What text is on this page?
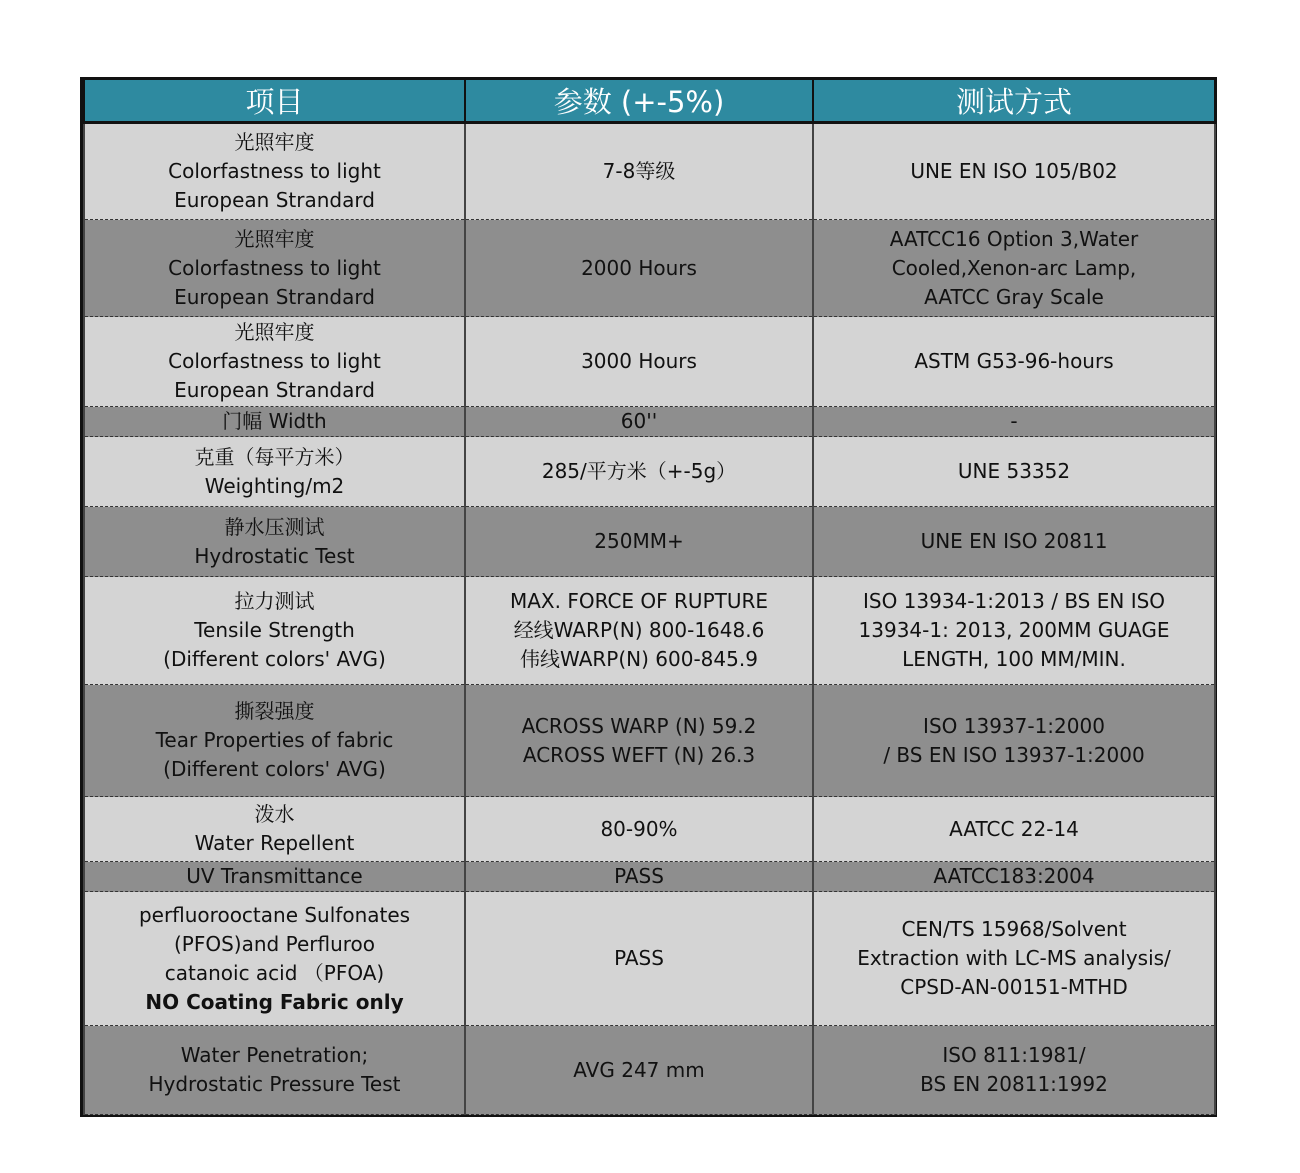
项目	参数 (+-5%)	测试方式

光照牢度
Colorfastness to light
European Strandard	7-8等级	UNE EN ISO 105/B02

光照牢度
Colorfastness to light
European Strandard	2000 Hours	AATCC16 Option 3,Water
Cooled,Xenon-arc Lamp,
AATCC Gray Scale

光照牢度
Colorfastness to light
European Strandard	3000 Hours	ASTM G53-96-hours

门幅 Width	60''	-

克重（每平方米）
Weighting/m2	285/平方米（+-5g）	UNE 53352

静水压测试
Hydrostatic Test	250MM+	UNE EN ISO 20811

拉力测试
Tensile Strength
(Different colors' AVG)	MAX. FORCE OF RUPTURE
经线WARP(N) 800-1648.6
伟线WARP(N) 600-845.9	ISO 13934-1:2013 / BS EN ISO
13934-1: 2013, 200MM GUAGE
LENGTH, 100 MM/MIN.

撕裂强度
Tear Properties of fabric
(Different colors' AVG)	ACROSS WARP (N) 59.2
ACROSS WEFT (N) 26.3	ISO 13937-1:2000
/ BS EN ISO 13937-1:2000

泼水
Water Repellent	80-90%	AATCC 22-14

UV Transmittance	PASS	AATCC183:2004

perfluorooctane Sulfonates
(PFOS)and Perfluroo
catanoic acid （PFOA)
NO Coating Fabric only	PASS	CEN/TS 15968/Solvent
Extraction with LC-MS analysis/
CPSD-AN-00151-MTHD

Water Penetration;
Hydrostatic Pressure Test	AVG 247 mm	ISO 811:1981/
BS EN 20811:1992
